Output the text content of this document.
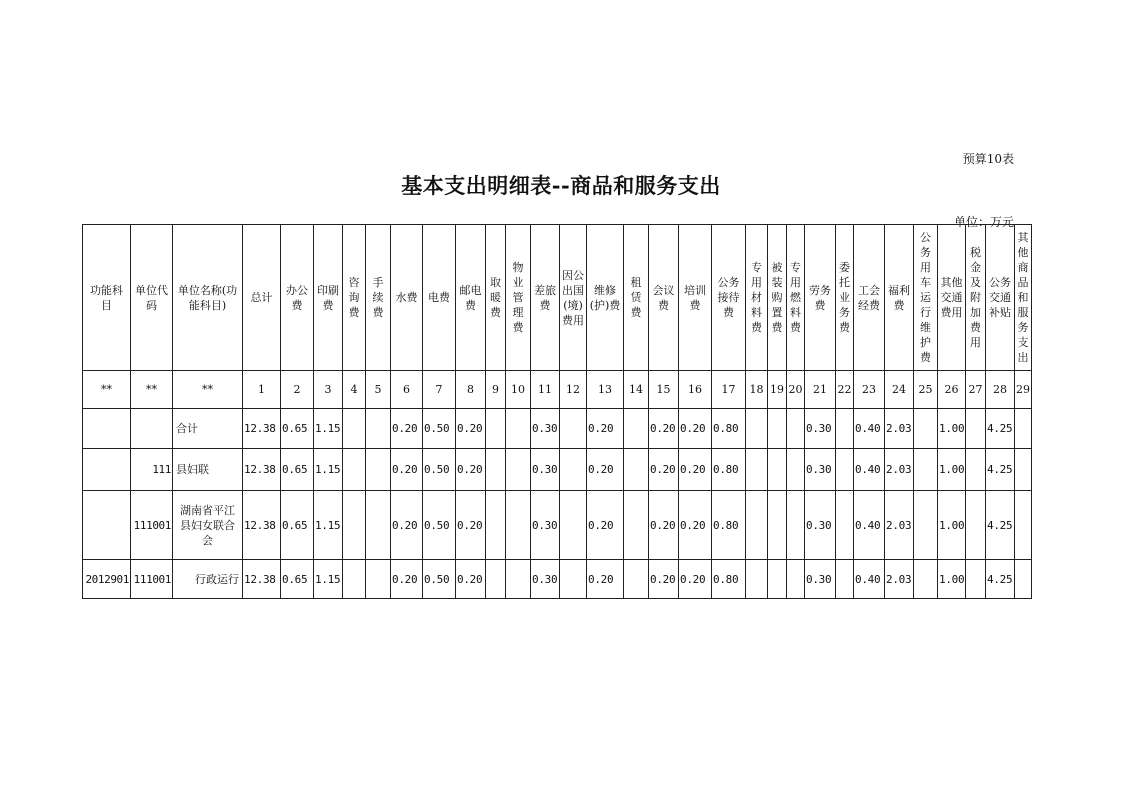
预算10表
基本支出明细表--商品和服务支出
单位：万元
功能科目	单位代码	单位名称(功能科目)	总计	办公费	印刷费	咨询费	手续费	水费	电费	邮电费	取暖费	物业管理费	差旅费	因公出国(境)费用	维修(护)费	租赁费	会议费	培训费	公务接待费	专用材料费	被装购置费	专用燃料费	劳务费	委托业务费	工会经费	福利费	公务用车运行维护费	其他交通费用	税金及附加费用	公务交通补贴	其他商品和服务支出
**	**	**	1	2	3	4	5	6	7	8	9	10	11	12	13	14	15	16	17	18	19	20	21	22	23	24	25	26	27	28	29
		合计	12.38	0.65	1.15			0.20	0.50	0.20			0.30		0.20		0.20	0.20	0.80				0.30		0.40	2.03		1.00		4.25	
	111	县妇联	12.38	0.65	1.15			0.20	0.50	0.20			0.30		0.20		0.20	0.20	0.80				0.30		0.40	2.03		1.00		4.25	
	111001	湖南省平江县妇女联合会	12.38	0.65	1.15			0.20	0.50	0.20			0.30		0.20		0.20	0.20	0.80				0.30		0.40	2.03		1.00		4.25	
2012901	111001	行政运行	12.38	0.65	1.15			0.20	0.50	0.20			0.30		0.20		0.20	0.20	0.80				0.30		0.40	2.03		1.00		4.25	
